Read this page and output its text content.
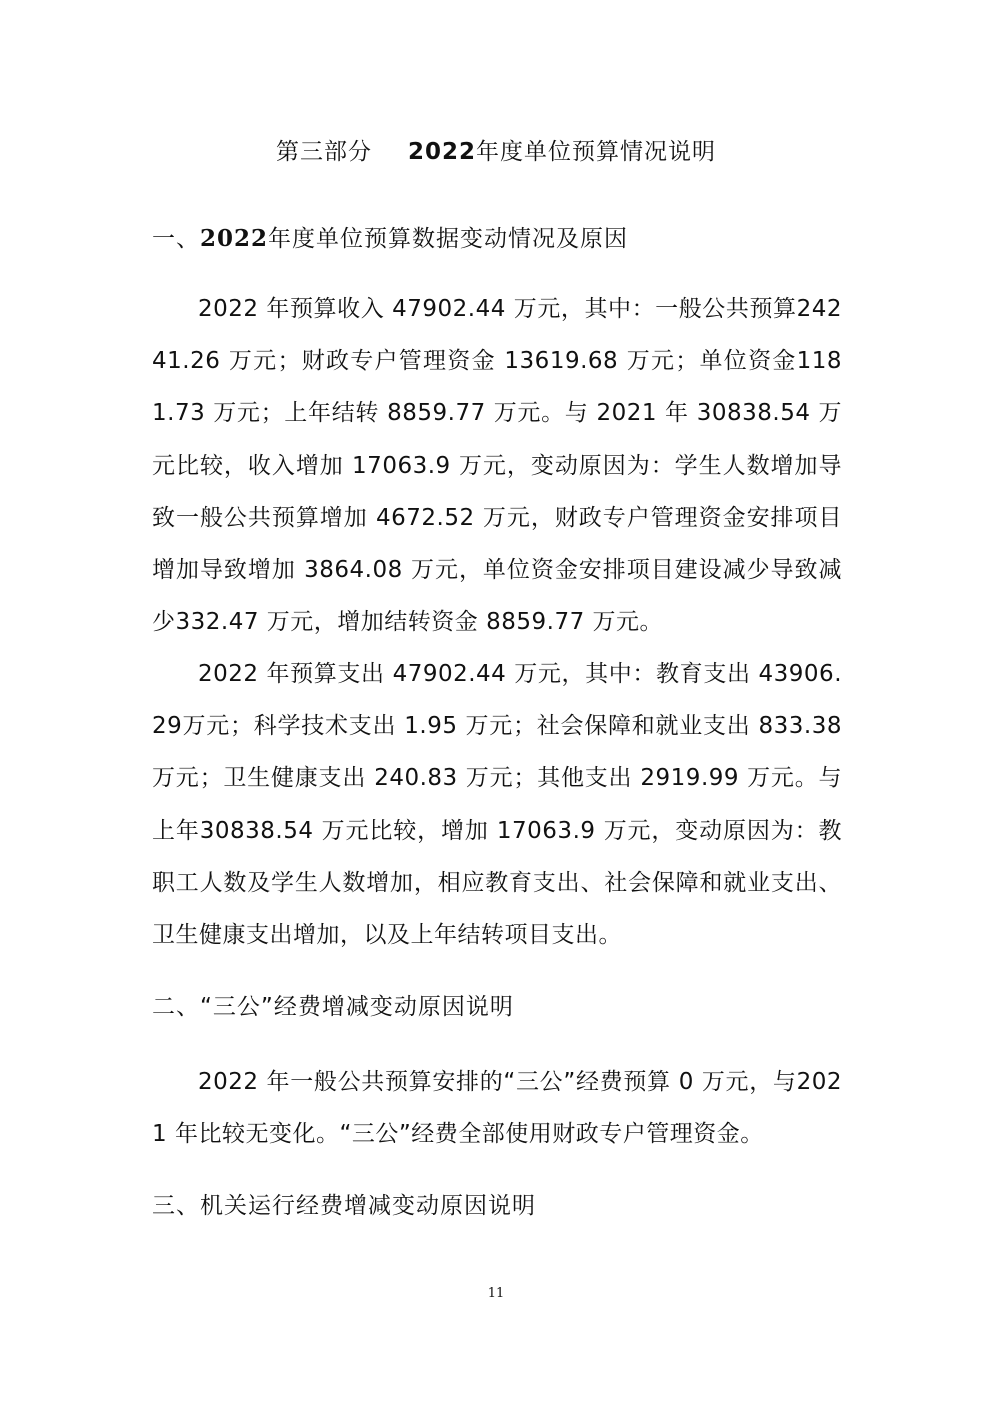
第三部分 2022年度单位预算情况说明
一、2022年度单位预算数据变动情况及原因

2022 年预算收入 47902.44 万元，其中：一般公共预算24241.26 万元；财政专户管理资金 13619.68 万元；单位资金1181.73 万元；上年结转 8859.77 万元。与 2021 年 30838.54 万元比较，收入增加 17063.9 万元，变动原因为：学生人数增加导致一般公共预算增加 4672.52 万元，财政专户管理资金安排项目增加导致增加 3864.08 万元，单位资金安排项目建设减少导致减少332.47 万元，增加结转资金 8859.77 万元。

2022 年预算支出 47902.44 万元，其中：教育支出 43906.29万元；科学技术支出 1.95 万元；社会保障和就业支出 833.38 万元；卫生健康支出 240.83 万元；其他支出 2919.99 万元。与上年30838.54 万元比较，增加 17063.9 万元，变动原因为：教职工人数及学生人数增加，相应教育支出、社会保障和就业支出、卫生健康支出增加，以及上年结转项目支出。

二、“三公”经费增减变动原因说明

2022 年一般公共预算安排的“三公”经费预算 0 万元，与2021 年比较无变化。“三公”经费全部使用财政专户管理资金。

三、机关运行经费增减变动原因说明
11
